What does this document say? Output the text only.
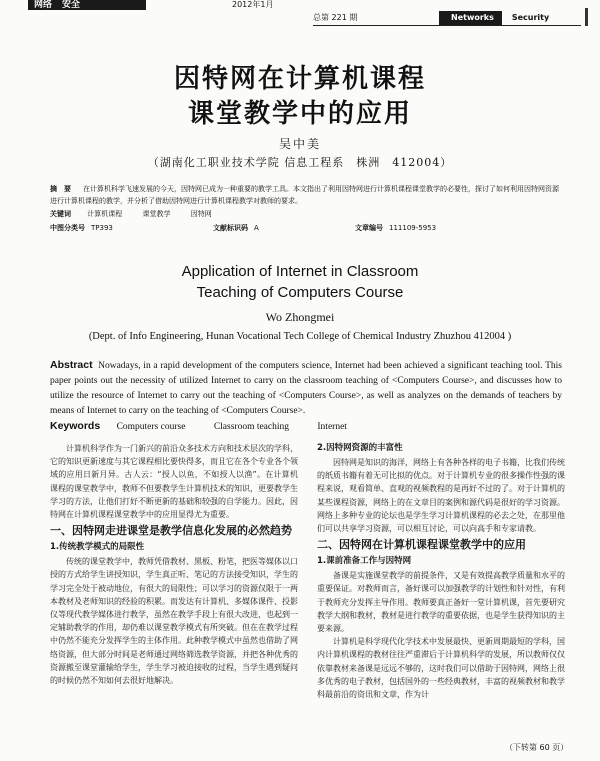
网络 安全	2012年1月
总第 221 期	Networks	Security
因特网在计算机课程
课堂教学中的应用
吴中美
（湖南化工职业技术学院 信息工程系　株洲　412004）
摘　要 在计算机科学飞速发展的今天，因特网已成为一种重要的教学工具。本文指出了利用因特网进行计算机课程课堂教学的必要性，探讨了如何利用因特网资源进行计算机课程的教学，并分析了借助因特网进行计算机课程教学对教师的要求。
关键词 计算机课程	课堂教学	因特网
中图分类号 TP393	文献标识码 A	文章编号 111109-5953
Application of Internet in Classroom
Teaching of Computers Course
Wo Zhongmei
(Dept. of Info Engineering, Hunan Vocational Tech College of Chemical Industry Zhuzhou 412004 )
Abstract Nowadays, in a rapid development of the computers science, Internet had been achieved a significant teaching tool. This paper points out the necessity of utilized Internet to carry on the classroom teaching of <Computers Course>, and discusses how to utilize the resource of Internet to carry out the teaching of <Computers Course>, as well as analyzes on the demands of teachers by means of Internet to carry on the teaching of <Computers Course>.
Keywords Computers course	Classroom teaching	Internet

计算机科学作为一门新兴的前沿众多技术方向和技术层次的学科，它的知识更新速度与其它课程相比要快得多，而且它在各个专业各个领域的应用日新月异。古人云：“授人以鱼，不如授人以渔”。在计算机课程的课堂教学中，教师不但要教学生计算机技术的知识，更要教学生学习的方法，让他们打好不断更新的基础和较强的自学能力。因此，因特网在计算机课程课堂教学中的应用显得尤为重要。

一、因特网走进课堂是教学信息化发展的必然趋势
1.传统教学模式的局限性

传统的课堂教学中，教师凭借教材、黑板、粉笔，把医等媒体以口授的方式给学生讲授知识，学生真正听、笔记的方法接受知识，学生的学习完全处于被动地位，有很大的局限性；可以学习的资源仅限于一两本教材及老师知识的经验的积累。而发达有计算机、多媒体课件、投影仪等现代教学媒体进行教学，虽然在教学手段上有很大改进，也起到一定辅助教学的作用，却仍难以课堂教学模式有所突破。但在在教学过程中仍然不能充分发挥学生的主体作用。此种教学模式中虽然也借助了网络资源，但大部分时间是老师通过网络筛选教学资源，并把各种优秀的资源搬至课堂灌输给学生，学生学习被迫接收的过程，当学生遇到疑问的时候仍然不知如何去很好地解决。

2.因特网资源的丰富性

因特网是知识的海洋，网络上有各种各样的电子书籍，比我们传统的纸质书籍有着无可比拟的优点。对于计算机专业的很多操作性强的课程来说，观看简单、直观的视频教程的是再好不过的了。对于计算机的某些课程资源，网络上的在文章目的案例和源代码是很好的学习资源。网络上多种专业的论坛也是学生学习计算机课程的必去之处，在那里他们可以共享学习资源，可以相互讨论，可以向高手和专家请教。

二、因特网在计算机课程课堂教学中的应用
1.课前准备工作与因特网

备课是实施课堂教学的前提条件，又是有效提高教学质量和水平的重要保证。对教师而言，备好课可以加强教学的计划性和针对性，有利于教师充分发挥主导作用。教师要真正备好一堂计算机课，首先要研究教学大纲和教材，教材是进行教学的重要依据，也是学生获得知识的主要来源。

计算机是科学现代化学技术中发展最快、更新周期最短的学科，国内计算机课程的教材往往严重滞后于计算机科学的发展，所以教师仅仅依靠教材来备课是远远不够的，这时我们可以借助于因特网，网络上很多优秀的电子教材，包括国外的一些经典教材，丰富的视频教材和教学科最前沿的资讯和文章，作为计

（下转第 60 页）
